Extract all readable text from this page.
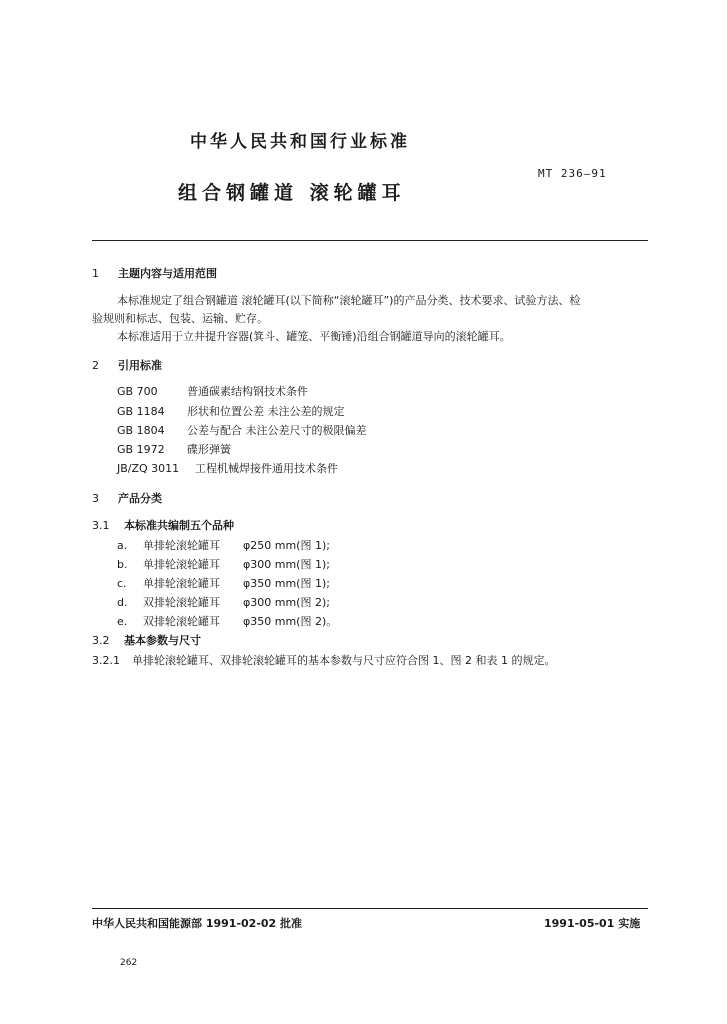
中华人民共和国行业标准
MT 236—91
组合钢罐道 滚轮罐耳
1 主题内容与适用范围
本标准规定了组合钢罐道 滚轮罐耳(以下简称“滚轮罐耳”)的产品分类、技术要求、试验方法、检
验规则和标志、包装、运输、贮存。
本标准适用于立井提升容器(箕斗、罐笼、平衡锤)沿组合钢罐道导向的滚轮罐耳。
2 引用标准
GB 700	普通碳素结构钢技术条件
GB 1184 形状和位置公差 未注公差的规定
GB 1804 公差与配合 未注公差尺寸的极限偏差
GB 1972 碟形弹簧
JB/ZQ 3011 工程机械焊接件通用技术条件
3 产品分类
3.1 本标准共编制五个品种
a. 单排轮滚轮罐耳 φ250 mm(图 1);
b. 单排轮滚轮罐耳 φ300 mm(图 1);
c. 单排轮滚轮罐耳 φ350 mm(图 1);
d. 双排轮滚轮罐耳 φ300 mm(图 2);
e. 双排轮滚轮罐耳 φ350 mm(图 2)。
3.2 基本参数与尺寸
3.2.1 单排轮滚轮罐耳、双排轮滚轮罐耳的基本参数与尺寸应符合图 1、图 2 和表 1 的规定。
中华人民共和国能源部 1991-02-02 批准	1991-05-01 实施
262
